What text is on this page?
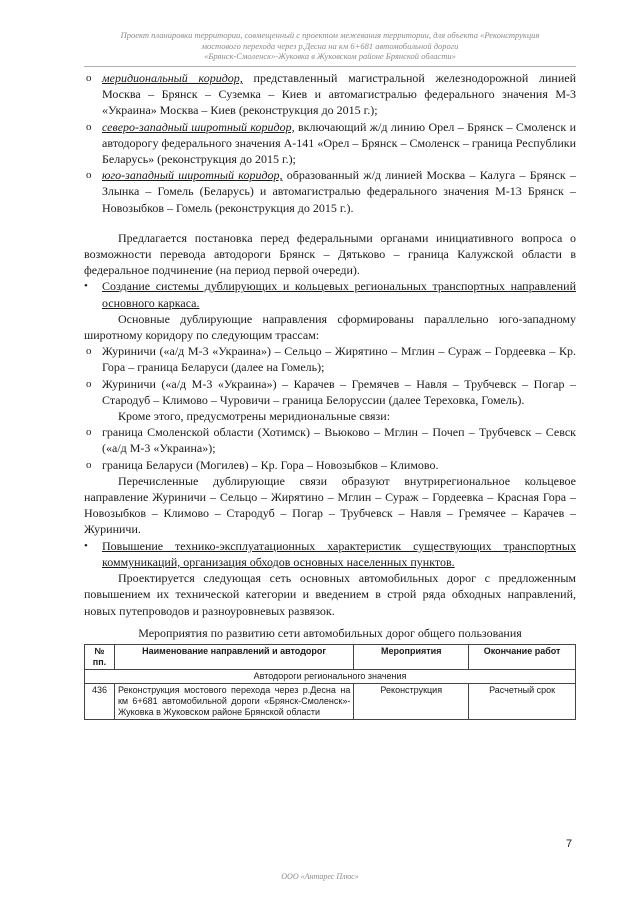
Проект планировки территории, совмещенный с проектом межевания территории, для объекта «Реконструкция
мостового перехода через р.Десна на км 6+681 автомобильной дороги
«Брянск-Смоленск»-Жуковка в Жуковском районе Брянской области»

o меридиональный коридор, представленный магистральной железнодорожной линией Москва – Брянск – Суземка – Киев и автомагистралью федерального значения М-3 «Украина» Москва – Киев (реконструкция до 2015 г.);

o северо-западный широтный коридор, включающий ж/д линию Орел – Брянск – Смоленск и автодорогу федерального значения А-141 «Орел – Брянск – Смоленск – граница Республики Беларусь» (реконструкция до 2015 г.);

o юго-западный широтный коридор, образованный ж/д линией Москва – Калуга – Брянск – Злынка – Гомель (Беларусь) и автомагистралью федерального значения М-13 Брянск – Новозыбков – Гомель (реконструкция до 2015 г.).

Предлагается постановка перед федеральными органами инициативного вопроса о возможности перевода автодороги Брянск – Дятьково – граница Калужской области в федеральное подчинение (на период первой очереди).

• Создание системы дублирующих и кольцевых региональных транспортных направлений основного каркаса.

Основные дублирующие направления сформированы параллельно юго-западному широтному коридору по следующим трассам:

o Журиничи («а/д М-3 «Украина») – Сельцо – Жирятино – Мглин – Сураж – Гордеевка – Кр. Гора – граница Беларуси (далее на Гомель);

o Журиничи («а/д М-3 «Украина») – Карачев – Гремячев – Навля – Трубчевск – Погар – Стародуб – Климово – Чуровичи – граница Белоруссии (далее Тереховка, Гомель).

Кроме этого, предусмотрены меридиональные связи:

o граница Смоленской области (Хотимск) – Вьюково – Мглин – Почеп – Трубчевск – Севск («а/д М-3 «Украина»);

o граница Беларуси (Могилев) – Кр. Гора – Новозыбков – Климово.

Перечисленные дублирующие связи образуют внутрирегиональное кольцевое направление Журиничи – Сельцо – Жирятино – Мглин – Сураж – Гордеевка – Красная Гора – Новозыбков – Климово – Стародуб – Погар – Трубчевск – Навля – Гремячее – Карачев – Журиничи.

• Повышение технико-эксплуатационных характеристик существующих транспортных коммуникаций, организация обходов основных населенных пунктов.

Проектируется следующая сеть основных автомобильных дорог с предложенным повышением их технической категории и введением в строй ряда обходных направлений, новых путепроводов и разноуровневых развязок.

Мероприятия по развитию сети автомобильных дорог общего пользования
№ пп.	Наименование направлений и автодорог	Мероприятия	Окончание работ
Автодороги регионального значения			
436	Реконструкция мостового перехода через р.Десна на км 6+681 автомобильной дороги «Брянск-Смоленск»-Жуковка в Жуковском районе Брянской области	Реконструкция	Расчетный срок
7
ООО «Антарес Плюс»
